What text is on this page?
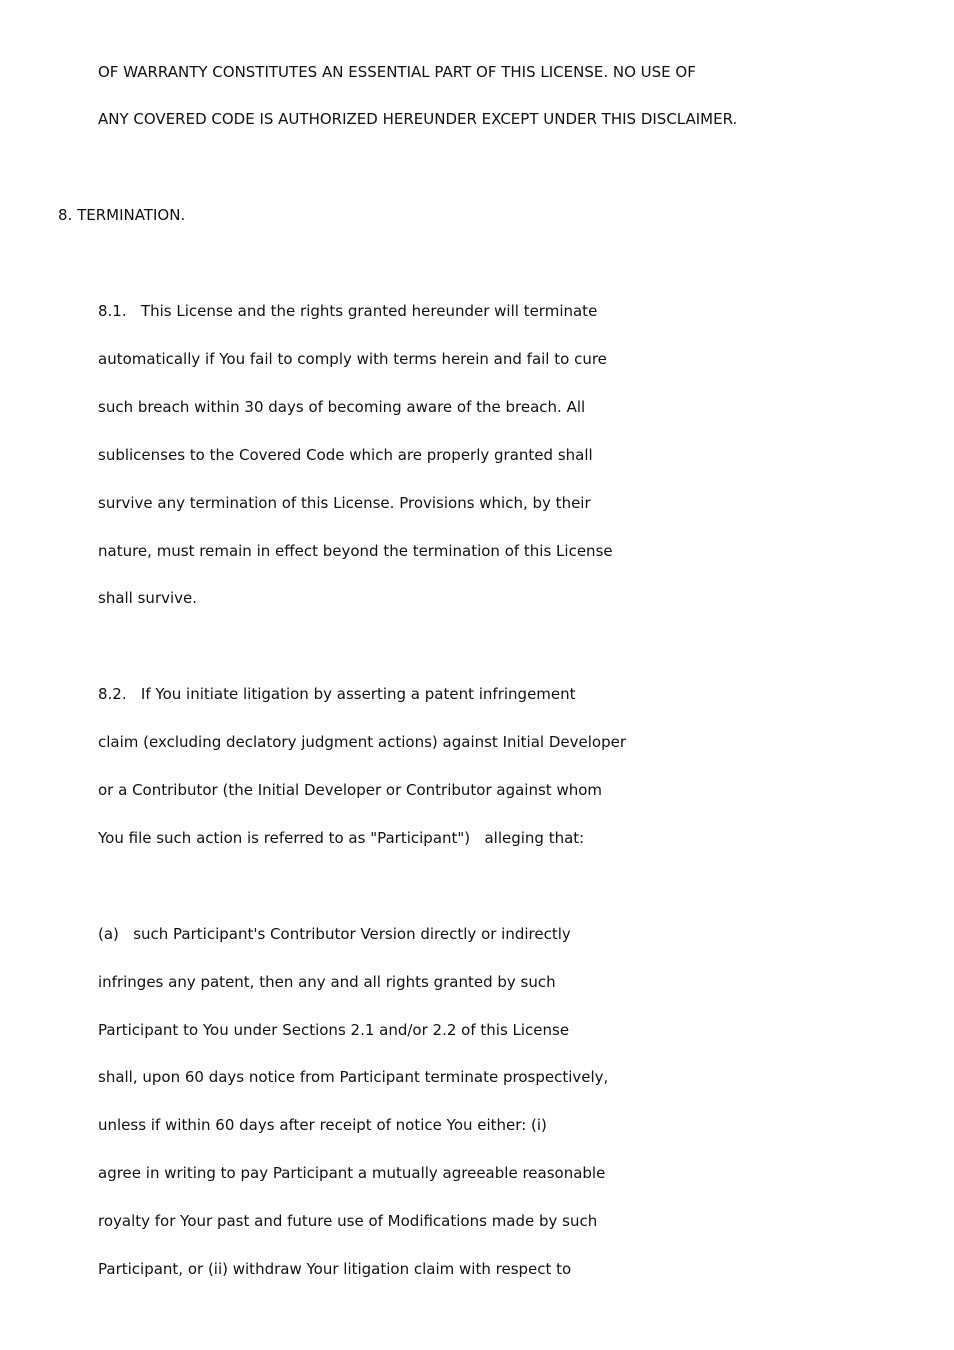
OF WARRANTY CONSTITUTES AN ESSENTIAL PART OF THIS LICENSE. NO USE OF
ANY COVERED CODE IS AUTHORIZED HEREUNDER EXCEPT UNDER THIS DISCLAIMER.
8. TERMINATION.
8.1.   This License and the rights granted hereunder will terminate
automatically if You fail to comply with terms herein and fail to cure
such breach within 30 days of becoming aware of the breach. All
sublicenses to the Covered Code which are properly granted shall
survive any termination of this License. Provisions which, by their
nature, must remain in effect beyond the termination of this License
shall survive.
8.2.   If You initiate litigation by asserting a patent infringement
claim (excluding declatory judgment actions) against Initial Developer
or a Contributor (the Initial Developer or Contributor against whom
You file such action is referred to as "Participant")   alleging that:
(a)   such Participant's Contributor Version directly or indirectly
infringes any patent, then any and all rights granted by such
Participant to You under Sections 2.1 and/or 2.2 of this License
shall, upon 60 days notice from Participant terminate prospectively,
unless if within 60 days after receipt of notice You either: (i)
agree in writing to pay Participant a mutually agreeable reasonable
royalty for Your past and future use of Modifications made by such
Participant, or (ii) withdraw Your litigation claim with respect to
